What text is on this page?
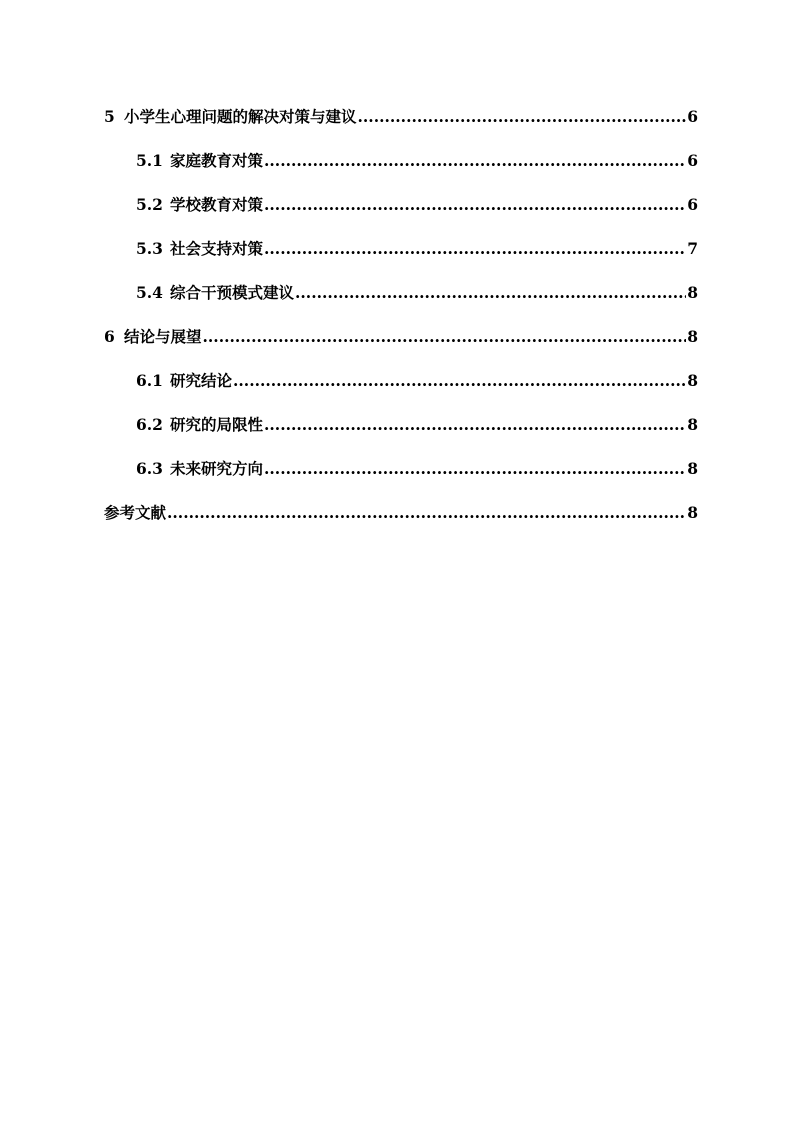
5 小学生心理问题的解决对策与建议 .....	6
5.1 家庭教育对策 .....	6
5.2 学校教育对策 .....	6
5.3 社会支持对策 .....	7
5.4 综合干预模式建议 .....	8
6 结论与展望 .....	8
6.1 研究结论 .....	8
6.2 研究的局限性 .....	8
6.3 未来研究方向 .....	8
参考文献 .....	8
